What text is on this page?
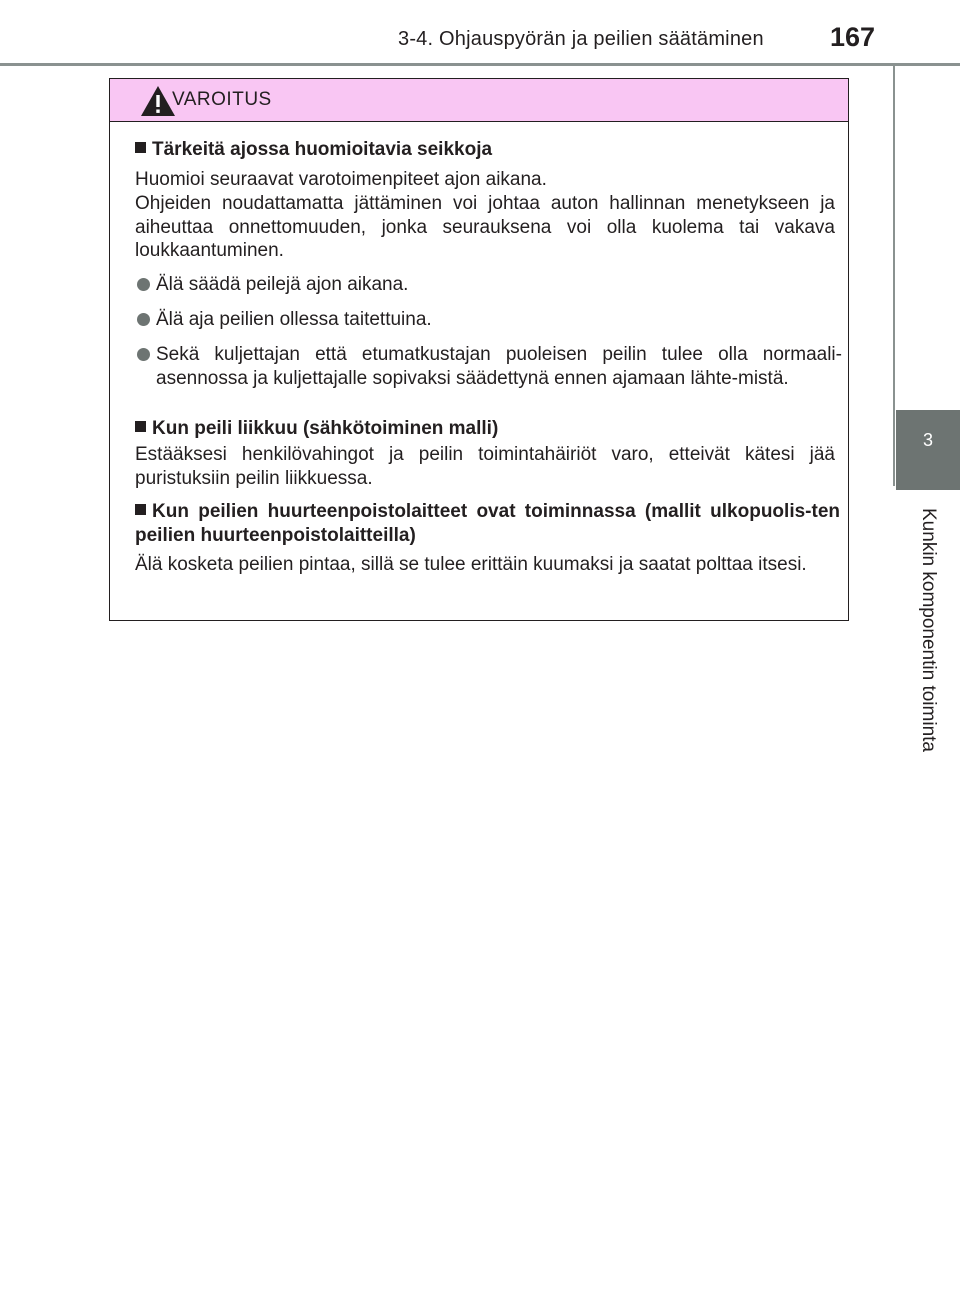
3-4. Ohjauspyörän ja peilien säätäminen 167
3
Kunkin komponentin toiminta
VAROITUS
Tärkeitä ajossa huomioitavia seikkoja
Huomioi seuraavat varotoimenpiteet ajon aikana.
Ohjeiden noudattamatta jättäminen voi johtaa auton hallinnan menetykseen ja aiheuttaa onnettomuuden, jonka seurauksena voi olla kuolema tai vakava loukkaantuminen.
Älä säädä peilejä ajon aikana.
Älä aja peilien ollessa taitettuina.
Sekä kuljettajan että etumatkustajan puoleisen peilin tulee olla normaali-asennossa ja kuljettajalle sopivaksi säädettynä ennen ajamaan lähte-mistä.
Kun peili liikkuu (sähkötoiminen malli)
Estääksesi henkilövahingot ja peilin toimintahäiriöt varo, etteivät kätesi jää puristuksiin peilin liikkuessa.
Kun peilien huurteenpoistolaitteet ovat toiminnassa (mallit ulkopuolis-ten peilien huurteenpoistolaitteilla)
Älä kosketa peilien pintaa, sillä se tulee erittäin kuumaksi ja saatat polttaa itsesi.
